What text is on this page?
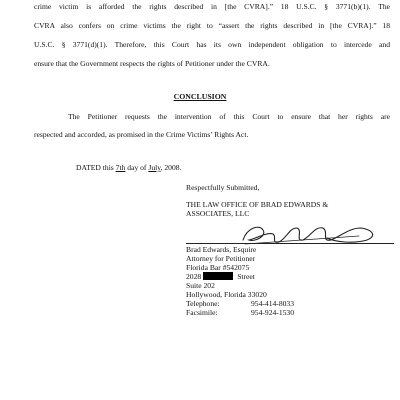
crime victim is afforded the rights described in [the CVRA].” 18 U.S.C. § 3771(b)(1). The
CVRA also confers on crime victims the right to “assert the rights described in [the CVRA].” 18
U.S.C. § 3771(d)(1). Therefore, this Court has its own independent obligation to intercede and
ensure that the Government respects the rights of Petitioner under the CVRA.
CONCLUSION
The Petitioner requests the intervention of this Court to ensure that her rights are
respected and accorded, as promised in the Crime Victims’ Rights Act.
DATED this 7th day of July, 2008.
Respectfully Submitted,
THE LAW OFFICE OF BRAD EDWARDS &
ASSOCIATES, LLC
Brad Edwards, Esquire
Attorney for Petitioner
Florida Bar #542075
2028	Street
Suite 202
Hollywood, Florida 33020
Telephone:	954-414-8033
Facsimile:	954-924-1530
